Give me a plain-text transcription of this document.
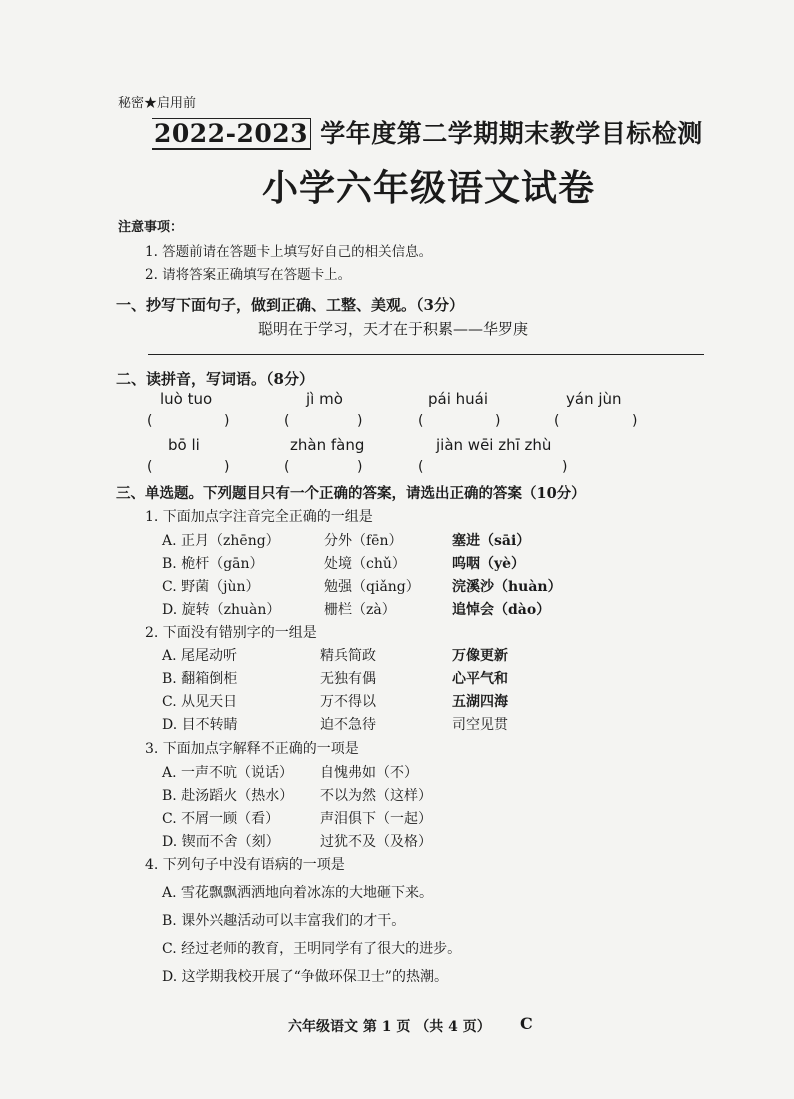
秘密★启用前
2022-2023 学年度第二学期期末教学目标检测
小学六年级语文试卷
注意事项：
1. 答题前请在答题卡上填写好自己的相关信息。
2. 请将答案正确填写在答题卡上。
一、抄写下面句子，做到正确、工整、美观。（3分）
聪明在于学习，天才在于积累——华罗庚
二、读拼音，写词语。（8分）
luò tuo	jì mò	pái huái	yán jùn
(	)	(	)	(	)	(	)
bō li	zhàn fàng	jiàn wēi zhī zhù
(	)	(	)	(	)
三、单选题。下列题目只有一个正确的答案，请选出正确的答案（10分）
1. 下面加点字注音完全正确的一组是
A. 正月（zhēng）	分外（fēn）	塞进（sāi）
B. 桅杆（gān）	处境（chǔ）	呜咽（yè）
C. 野菌（jùn）	勉强（qiǎng） 浣溪沙（huàn）
D. 旋转（zhuàn）	栅栏（zà）	追悼会（dào）
2. 下面没有错别字的一组是
A. 尾尾动听	精兵简政	万像更新
B. 翻箱倒柜	无独有偶	心平气和
C. 从见天日	万不得以	五湖四海
D. 目不转睛	迫不急待	司空见贯
3. 下面加点字解释不正确的一项是
A. 一声不吭（说话） 自愧弗如（不）
B. 赴汤蹈火（热水） 不以为然（这样）
C. 不屑一顾（看）	声泪俱下（一起）
D. 锲而不舍（刻）	过犹不及（及格）
4. 下列句子中没有语病的一项是
A. 雪花飘飘洒洒地向着冰冻的大地砸下来。
B. 课外兴趣活动可以丰富我们的才干。
C. 经过老师的教育，王明同学有了很大的进步。
D. 这学期我校开展了“争做环保卫士”的热潮。
六年级语文 第 1 页 （共 4 页） C
